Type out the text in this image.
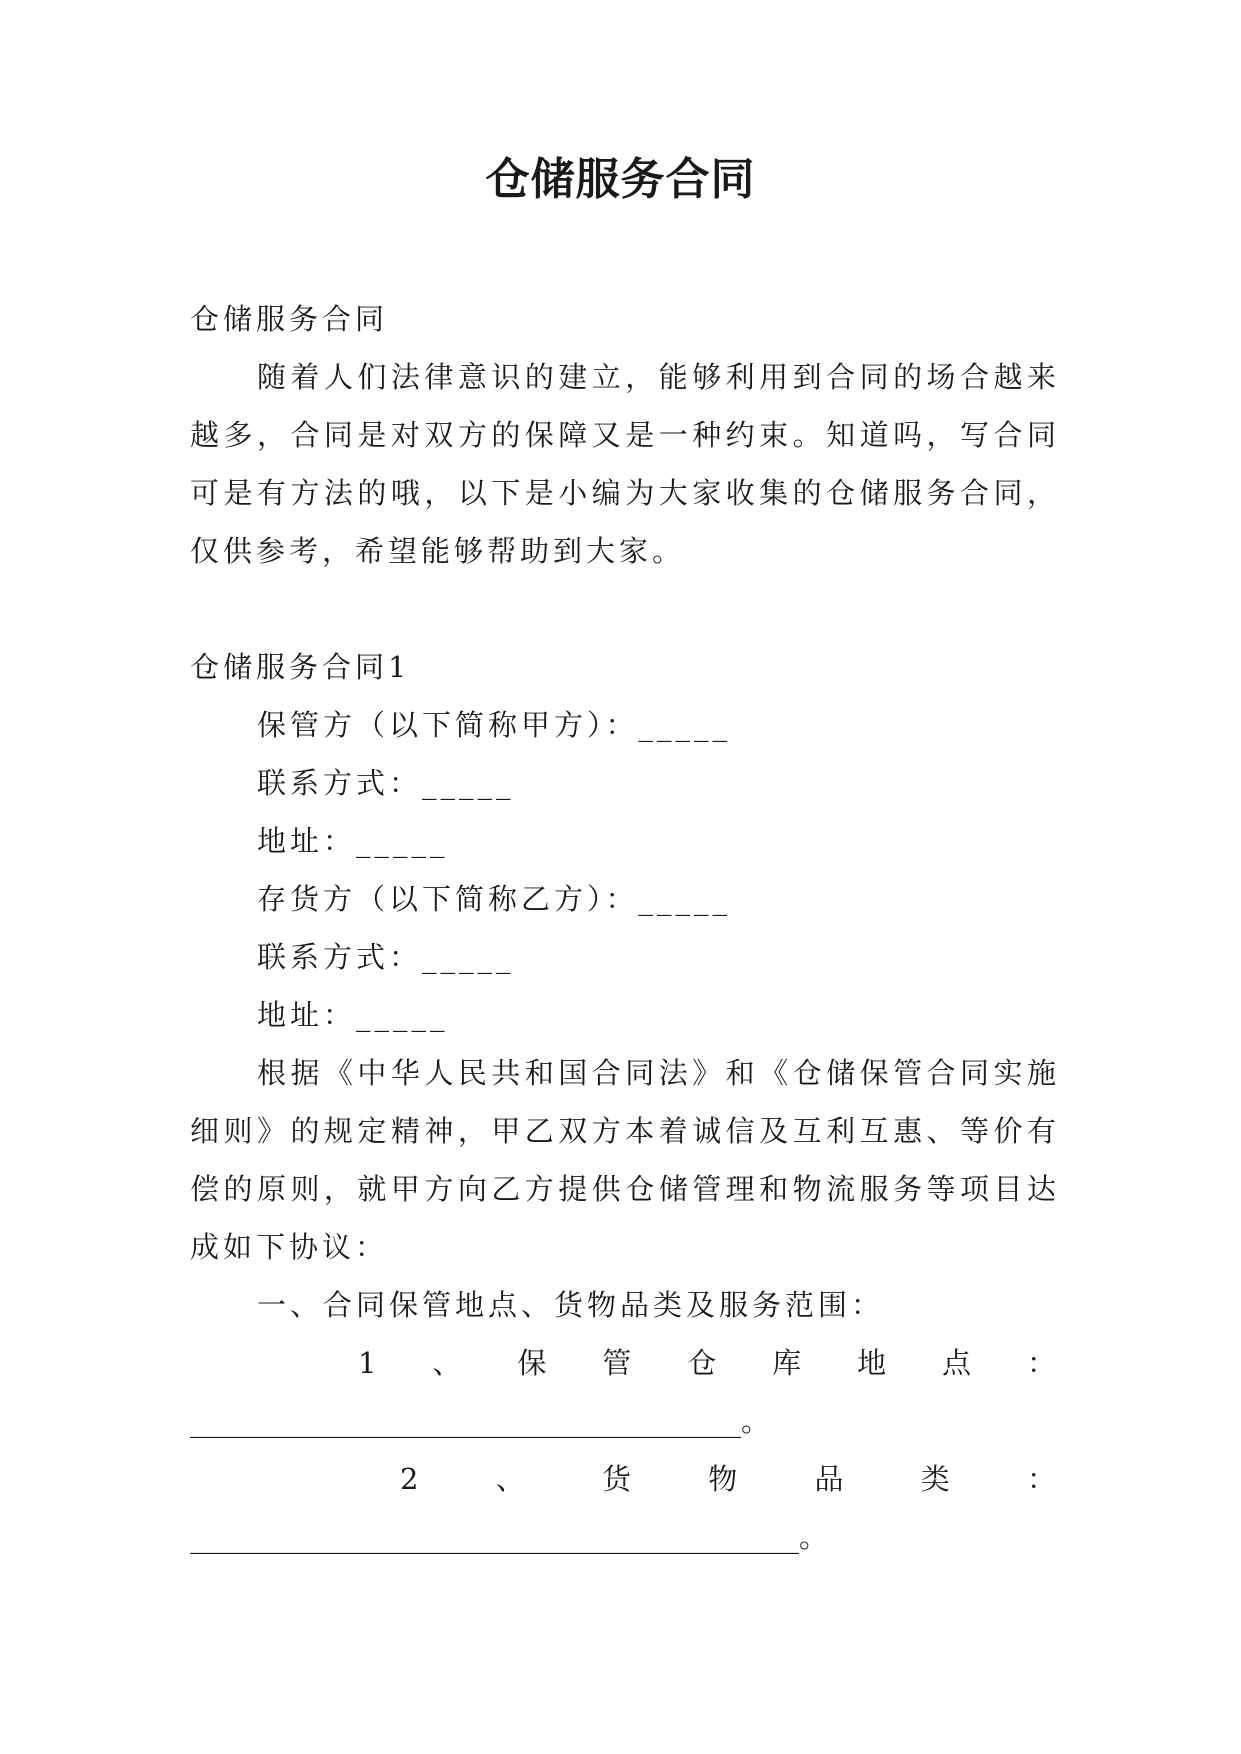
仓储服务合同
仓储服务合同
随着人们法律意识的建立，能够利用到合同的场合越来越多，合同是对双方的保障又是一种约束。知道吗，写合同可是有方法的哦，以下是小编为大家收集的仓储服务合同，仅供参考，希望能够帮助到大家。
仓储服务合同1
保管方（以下简称甲方）：_____
联系方式：_____
地址：_____
存货方（以下简称乙方）：_____
联系方式：_____
地址：_____
根据《中华人民共和国合同法》和《仓储保管合同实施细则》的规定精神，甲乙双方本着诚信及互利互惠、等价有偿的原则，就甲方向乙方提供仓储管理和物流服务等项目达成如下协议：
一、合同保管地点、货物品类及服务范围：
1 、 保 管 仓 库 地 点 ：
______________________________________。
2	、	货	物	品	类	：
__________________________________________。
